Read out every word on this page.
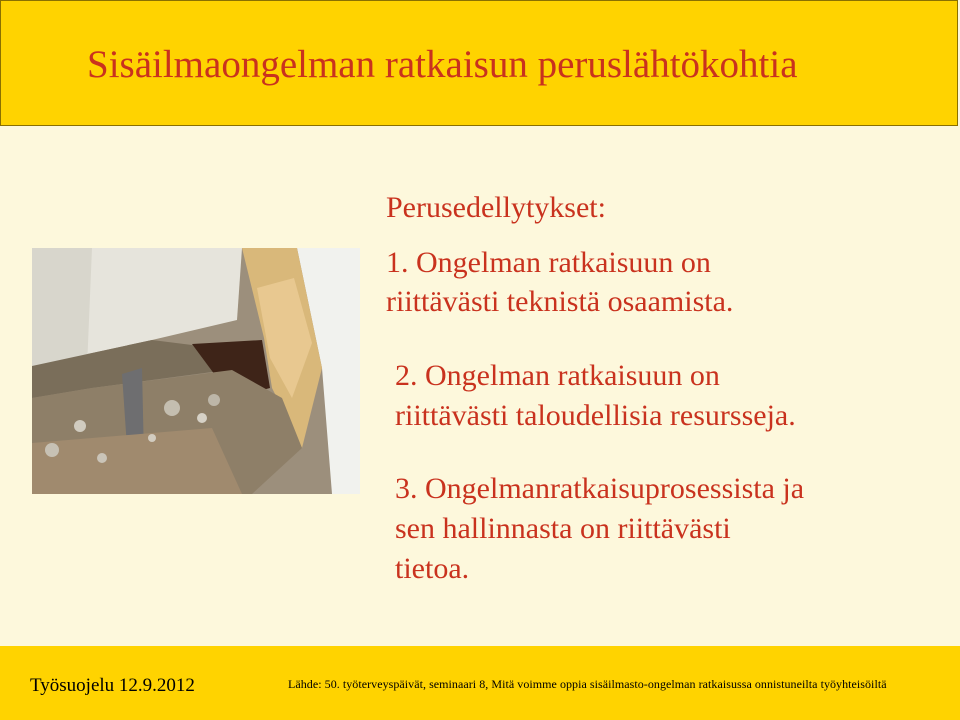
Sisäilmaongelman ratkaisun peruslähtökohtia

Perusedellytykset:

1. Ongelman ratkaisuun on

riittävästi teknistä osaamista.

2. Ongelman ratkaisuun on

riittävästi taloudellisia resursseja.

3. Ongelmanratkaisuprosessista ja

sen hallinnasta on riittävästi

tietoa.

Työsuojelu 12.9.2012	Lähde: 50. työterveyspäivät, seminaari 8, Mitä voimme oppia sisäilmasto-ongelman ratkaisussa onnistuneilta työyhteisöiltä
